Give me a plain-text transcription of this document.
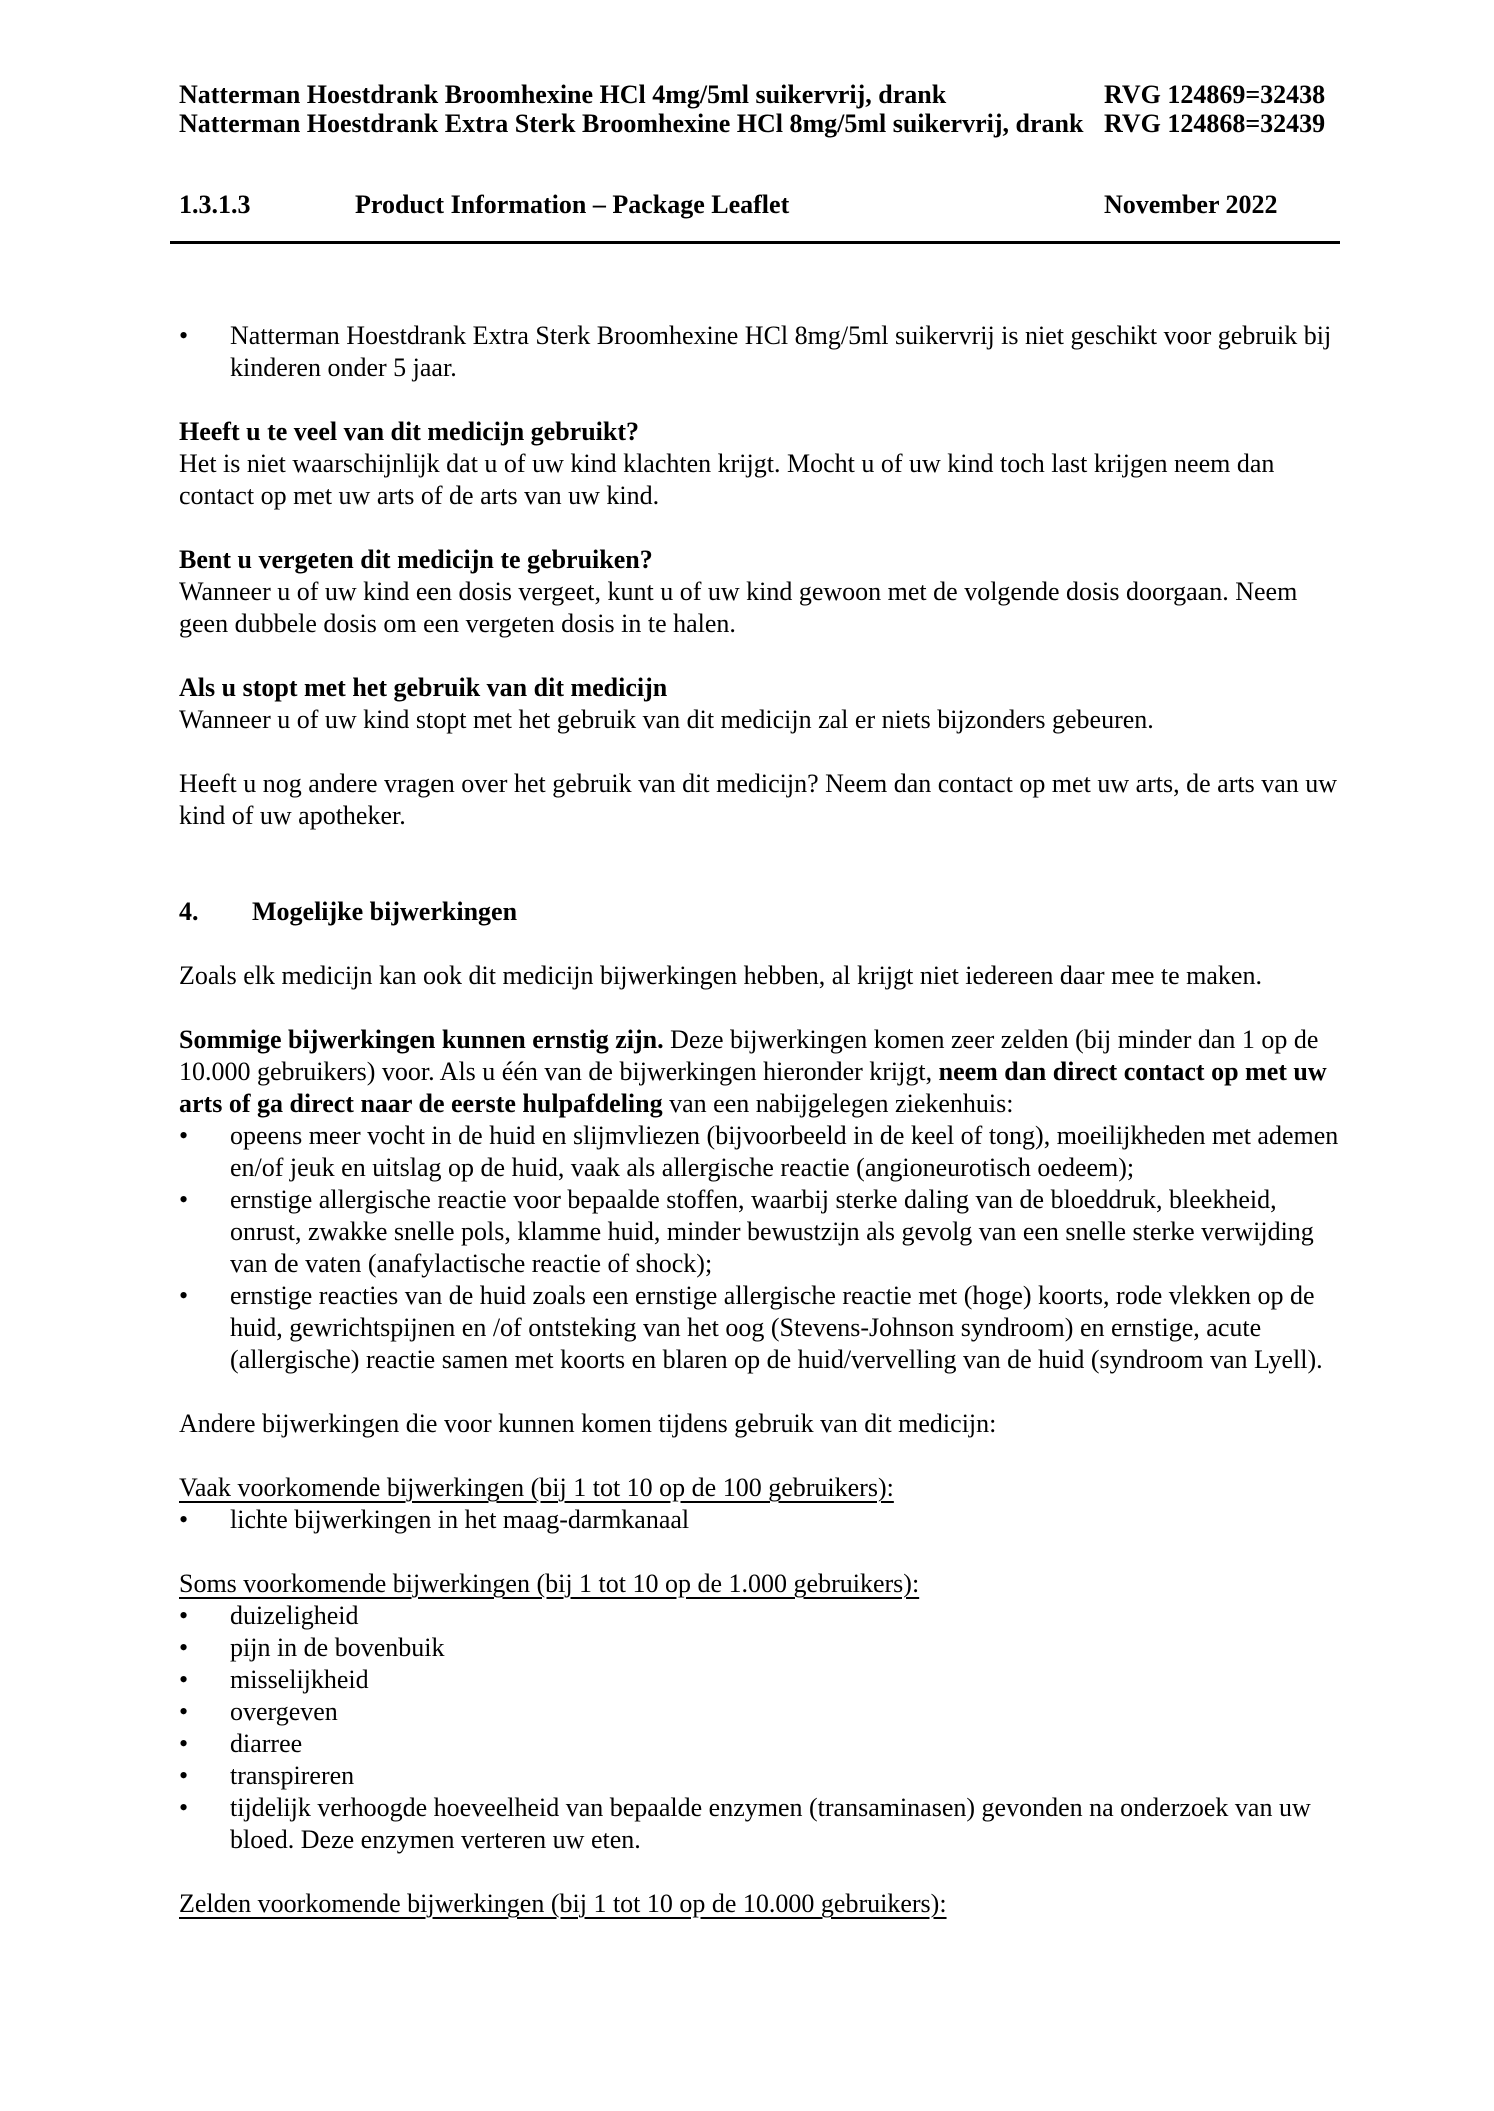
Natterman Hoestdrank Broomhexine HCl 4mg/5ml suikervrij, drank	RVG 124869=32438
Natterman Hoestdrank Extra Sterk Broomhexine HCl 8mg/5ml suikervrij, drank RVG 124868=32439
1.3.1.3	Product Information – Package Leaflet	November 2022
•	Natterman Hoestdrank Extra Sterk Broomhexine HCl 8mg/5ml suikervrij is niet geschikt voor gebruik bij kinderen onder 5 jaar.
Heeft u te veel van dit medicijn gebruikt?

Het is niet waarschijnlijk dat u of uw kind klachten krijgt. Mocht u of uw kind toch last krijgen neem dan contact op met uw arts of de arts van uw kind.

Bent u vergeten dit medicijn te gebruiken?

Wanneer u of uw kind een dosis vergeet, kunt u of uw kind gewoon met de volgende dosis doorgaan. Neem geen dubbele dosis om een vergeten dosis in te halen.

Als u stopt met het gebruik van dit medicijn

Wanneer u of uw kind stopt met het gebruik van dit medicijn zal er niets bijzonders gebeuren.

Heeft u nog andere vragen over het gebruik van dit medicijn? Neem dan contact op met uw arts, de arts van uw kind of uw apotheker.

4.	Mogelijke bijwerkingen

Zoals elk medicijn kan ook dit medicijn bijwerkingen hebben, al krijgt niet iedereen daar mee te maken.

Sommige bijwerkingen kunnen ernstig zijn. Deze bijwerkingen komen zeer zelden (bij minder dan 1 op de 10.000 gebruikers) voor. Als u één van de bijwerkingen hieronder krijgt, neem dan direct contact op met uw arts of ga direct naar de eerste hulpafdeling van een nabijgelegen ziekenhuis:

•	opeens meer vocht in de huid en slijmvliezen (bijvoorbeeld in de keel of tong), moeilijkheden met ademen en/of jeuk en uitslag op de huid, vaak als allergische reactie (angioneurotisch oedeem);
•	ernstige allergische reactie voor bepaalde stoffen, waarbij sterke daling van de bloeddruk, bleekheid, onrust, zwakke snelle pols, klamme huid, minder bewustzijn als gevolg van een snelle sterke verwijding van de vaten (anafylactische reactie of shock);
•	ernstige reacties van de huid zoals een ernstige allergische reactie met (hoge) koorts, rode vlekken op de huid, gewrichtspijnen en /of ontsteking van het oog (Stevens-Johnson syndroom) en ernstige, acute (allergische) reactie samen met koorts en blaren op de huid/vervelling van de huid (syndroom van Lyell).

Andere bijwerkingen die voor kunnen komen tijdens gebruik van dit medicijn:

Vaak voorkomende bijwerkingen (bij 1 tot 10 op de 100 gebruikers):

•	lichte bijwerkingen in het maag-darmkanaal

Soms voorkomende bijwerkingen (bij 1 tot 10 op de 1.000 gebruikers):

•	duizeligheid
•	pijn in de bovenbuik
•	misselijkheid
•	overgeven
•	diarree
•	transpireren
•	tijdelijk verhoogde hoeveelheid van bepaalde enzymen (transaminasen) gevonden na onderzoek van uw bloed. Deze enzymen verteren uw eten.

Zelden voorkomende bijwerkingen (bij 1 tot 10 op de 10.000 gebruikers):
